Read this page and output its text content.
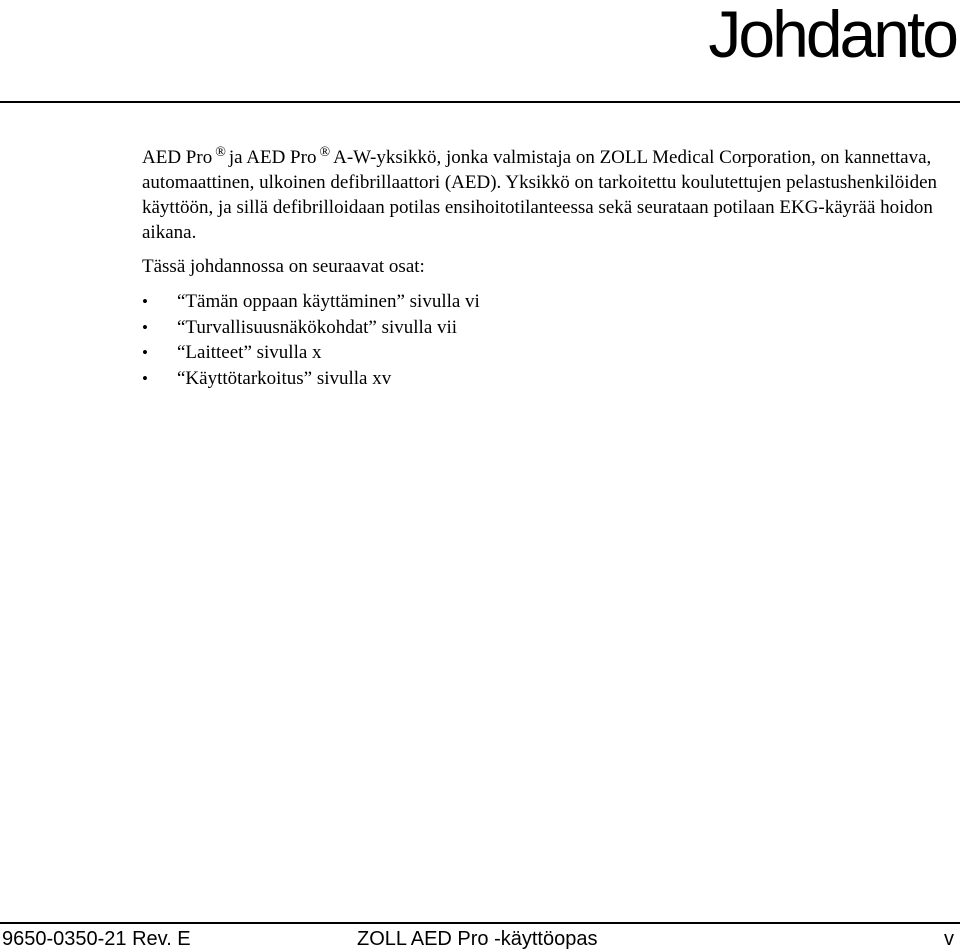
Johdanto

AED Pro ® ja AED Pro ® A-W-yksikkö, jonka valmistaja on ZOLL Medical Corporation, on kannettava, automaattinen, ulkoinen defibrillaattori (AED). Yksikkö on tarkoitettu koulutettujen pelastushenkilöiden käyttöön, ja sillä defibrilloidaan potilas ensihoitotilanteessa sekä seurataan potilaan EKG-käyrää hoidon aikana.

Tässä johdannossa on seuraavat osat:

• “Tämän oppaan käyttäminen” sivulla vi
• “Turvallisuusnäkökohdat” sivulla vii
• “Laitteet” sivulla x
• “Käyttötarkoitus” sivulla xv
9650-0350-21 Rev. E	ZOLL AED Pro -käyttöopas	v
